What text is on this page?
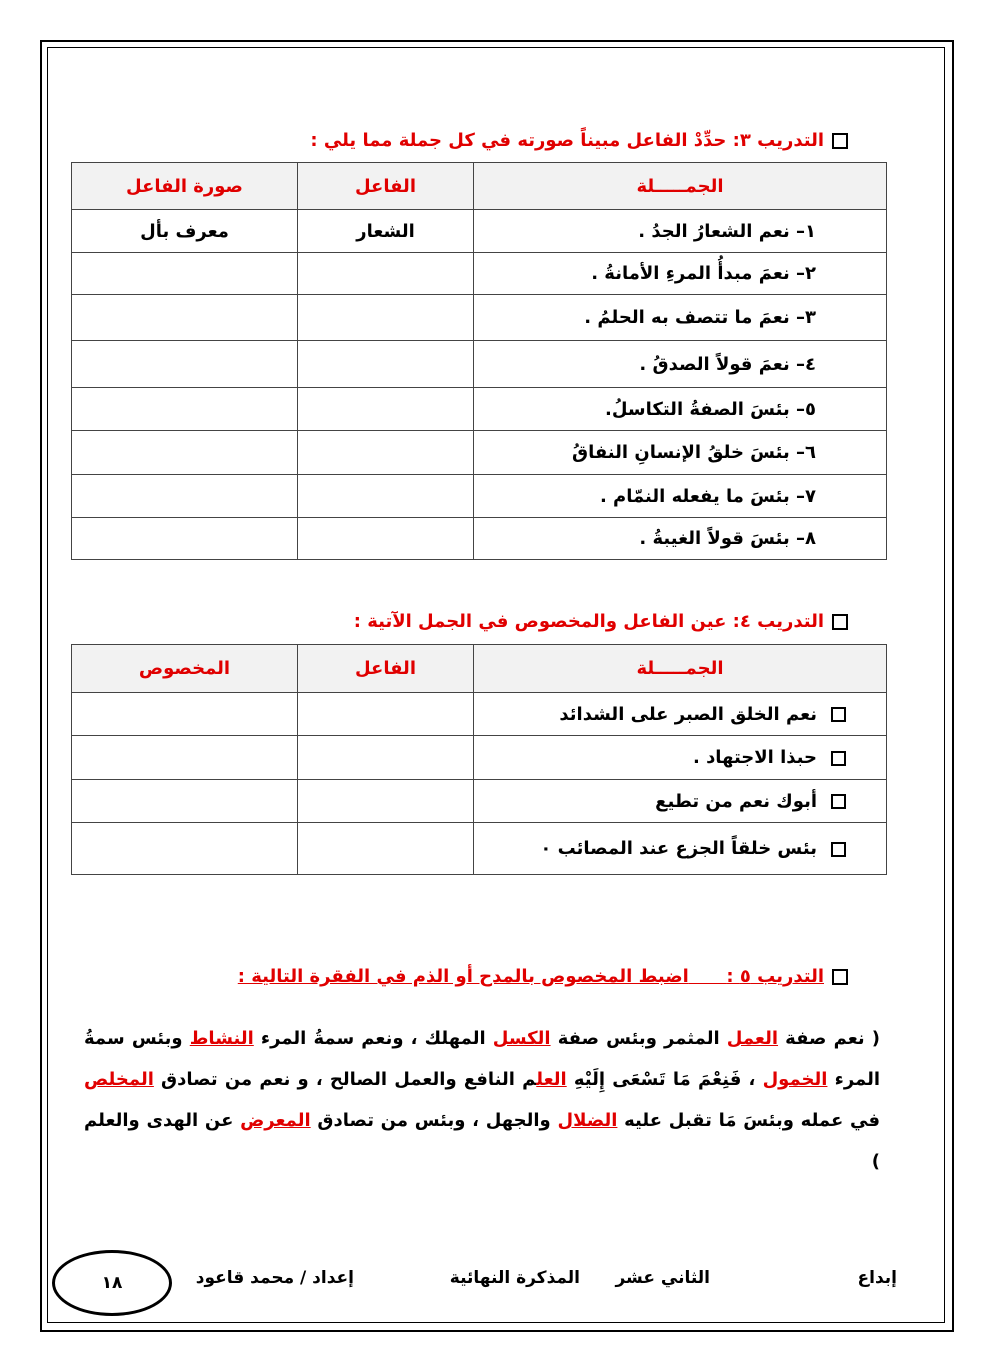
التدريب ٣: حدِّدْ الفاعل مبيناً صورته في كل جملة مما يلي :
الجمـــــلة	الفاعل	صورة الفاعل
١– نعم الشعارُ الجدُ .	الشعار	معرف بأل
٢– نعمَ مبدأُ المرءِ الأمانةُ .		
٣– نعمَ ما تتصف به الحلمُ .		
٤– نعمَ قولاً الصدقُ .		
٥– بئسَ الصفةُ التكاسلُ.		
٦– بئسَ خلقُ الإنسانِ النفاقُ		
٧– بئسَ ما يفعله النمّام .		
٨– بئسَ قولاً الغيبةُ .		
التدريب ٤: عين الفاعل والمخصوص في الجمل الآتية :
الجمـــــلة	الفاعل	المخصوص
نعم الخلق الصبر على الشدائد		
حبذا الاجتهاد .		
أبوك نعم من تطيع		
بئس خلقاً الجزع عند المصائب ٠		
التدريب ٥ :      اضبط المخصوص بالمدح أو الذم في الفقرة التالية :
( نعم صفة العمل المثمر وبئس صفة الكسل المهلك ، ونعم سمةُ المرء النشاط وبئس سمةُ المرء الخمول ، فَنِعْمَ مَا تَسْعَى إِلَيْهِ العلم النافع والعمل الصالح ، و نعم من تصادق المخلص في عمله وبئسَ مَا تقبل عليه الضلال والجهل ، وبئس من تصادق المعرض عن الهدى والعلم )
إبداع
الثاني عشر
المذكرة النهائية
إعداد / محمد قاعود
١٨
